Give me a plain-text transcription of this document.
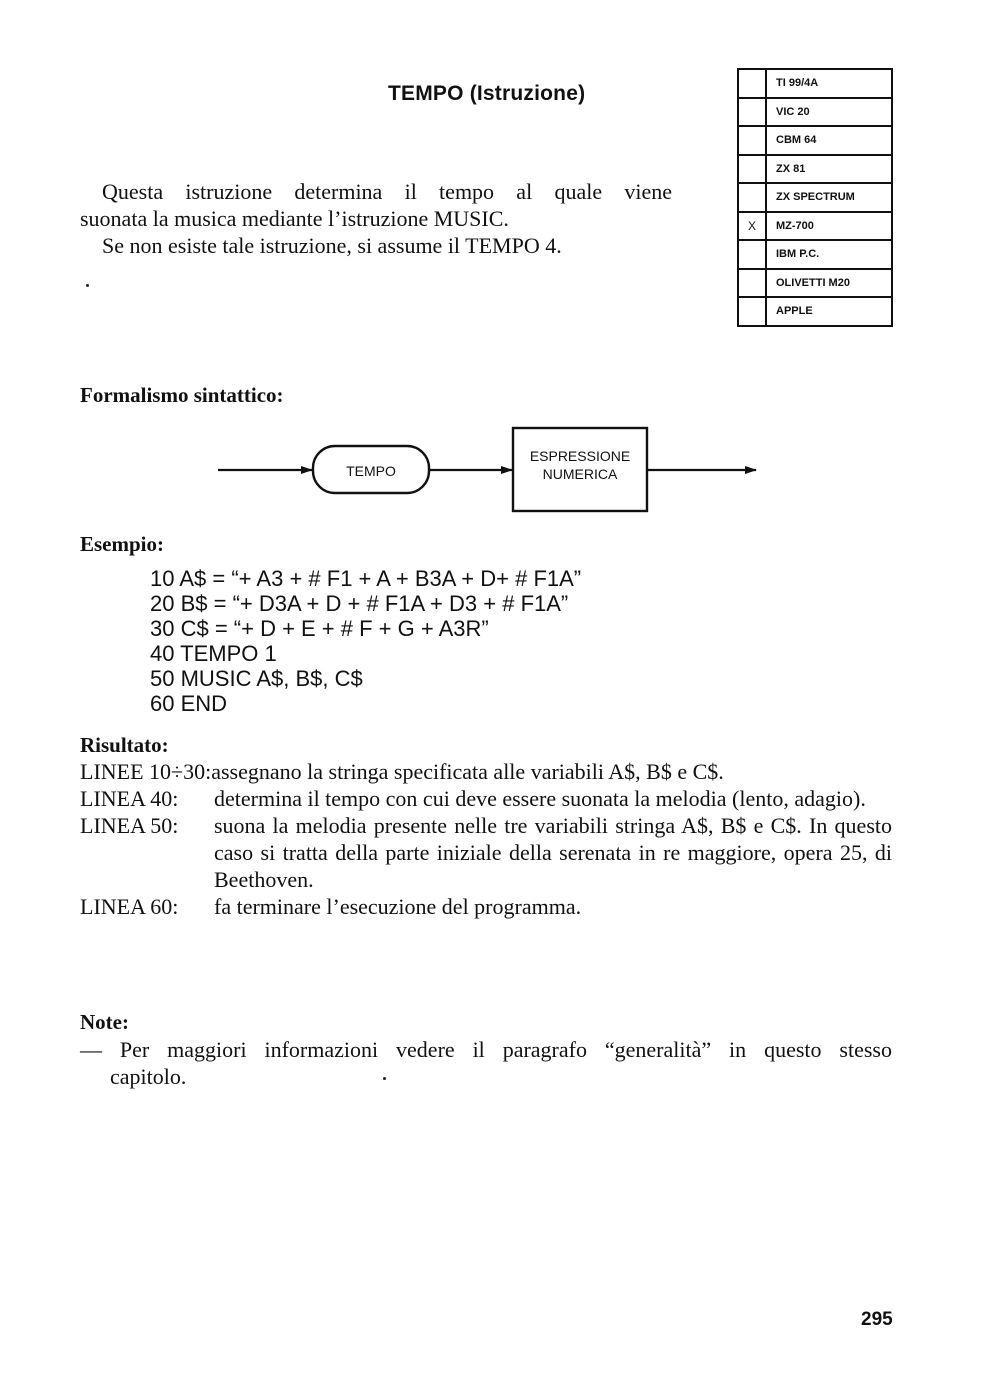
TEMPO (Istruzione)

Questa istruzione determina il tempo al quale viene

suonata la musica mediante l’istruzione MUSIC.

Se non esiste tale istruzione, si assume il TEMPO 4.

TI 99/4A
VIC 20
CBM 64
ZX 81
ZX SPECTRUM
X	MZ-700
IBM P.C.
OLIVETTI M20
APPLE
Formalismo sintattico:
TEMPO
ESPRESSIONE
NUMERICA
Esempio:
10 A$ = “+ A3 + # F1 + A + B3A + D+ # F1A”
20 B$ = “+ D3A + D + # F1A + D3 + # F1A”
30 C$ = “+ D + E + # F + G + A3R”
40 TEMPO 1
50 MUSIC A$, B$, C$
60 END
Risultato:
LINEE 10÷30:assegnano la stringa specificata alle variabili A$, B$ e C$.
LINEA 40:	determina il tempo con cui deve essere suonata la melodia (lento, adagio).
LINEA 50:	suona la melodia presente nelle tre variabili stringa A$, B$ e C$. In questo caso si tratta della parte iniziale della serenata in re maggiore, opera 25, di Beethoven.
LINEA 60:	fa terminare l’esecuzione del programma.
Note:
— Per maggiori informazioni vedere il paragrafo “generalità” in questo stesso
capitolo.
295
